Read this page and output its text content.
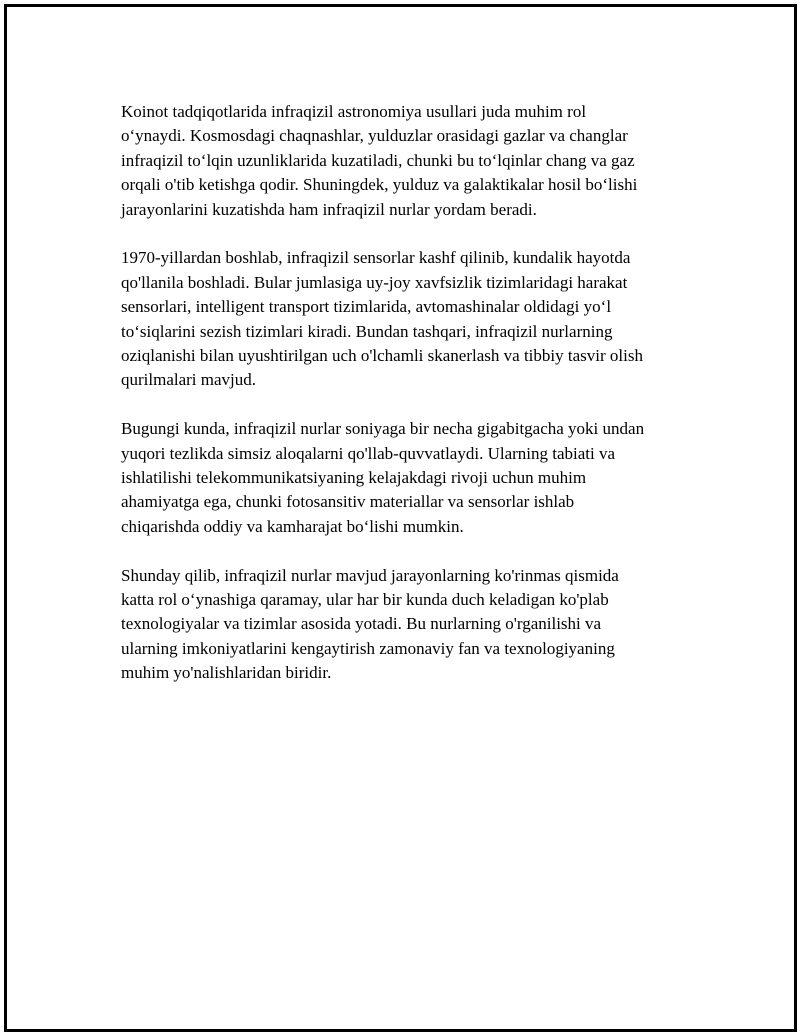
Koinot tadqiqotlarida infraqizil astronomiya usullari juda muhim rol
o‘ynaydi. Kosmosdagi chaqnashlar, yulduzlar orasidagi gazlar va changlar
infraqizil to‘lqin uzunliklarida kuzatiladi, chunki bu to‘lqinlar chang va gaz
orqali o'tib ketishga qodir. Shuningdek, yulduz va galaktikalar hosil bo‘lishi
jarayonlarini kuzatishda ham infraqizil nurlar yordam beradi.

1970-yillardan boshlab, infraqizil sensorlar kashf qilinib, kundalik hayotda
qo'llanila boshladi. Bular jumlasiga uy-joy xavfsizlik tizimlaridagi harakat
sensorlari, intelligent transport tizimlarida, avtomashinalar oldidagi yo‘l
to‘siqlarini sezish tizimlari kiradi. Bundan tashqari, infraqizil nurlarning
oziqlanishi bilan uyushtirilgan uch o'lchamli skanerlash va tibbiy tasvir olish
qurilmalari mavjud.

Bugungi kunda, infraqizil nurlar soniyaga bir necha gigabitgacha yoki undan
yuqori tezlikda simsiz aloqalarni qo'llab-quvvatlaydi. Ularning tabiati va
ishlatilishi telekommunikatsiyaning kelajakdagi rivoji uchun muhim
ahamiyatga ega, chunki fotosansitiv materiallar va sensorlar ishlab
chiqarishda oddiy va kamharajat bo‘lishi mumkin.

Shunday qilib, infraqizil nurlar mavjud jarayonlarning ko'rinmas qismida
katta rol o‘ynashiga qaramay, ular har bir kunda duch keladigan ko'plab
texnologiyalar va tizimlar asosida yotadi. Bu nurlarning o'rganilishi va
ularning imkoniyatlarini kengaytirish zamonaviy fan va texnologiyaning
muhim yo'nalishlaridan biridir.
